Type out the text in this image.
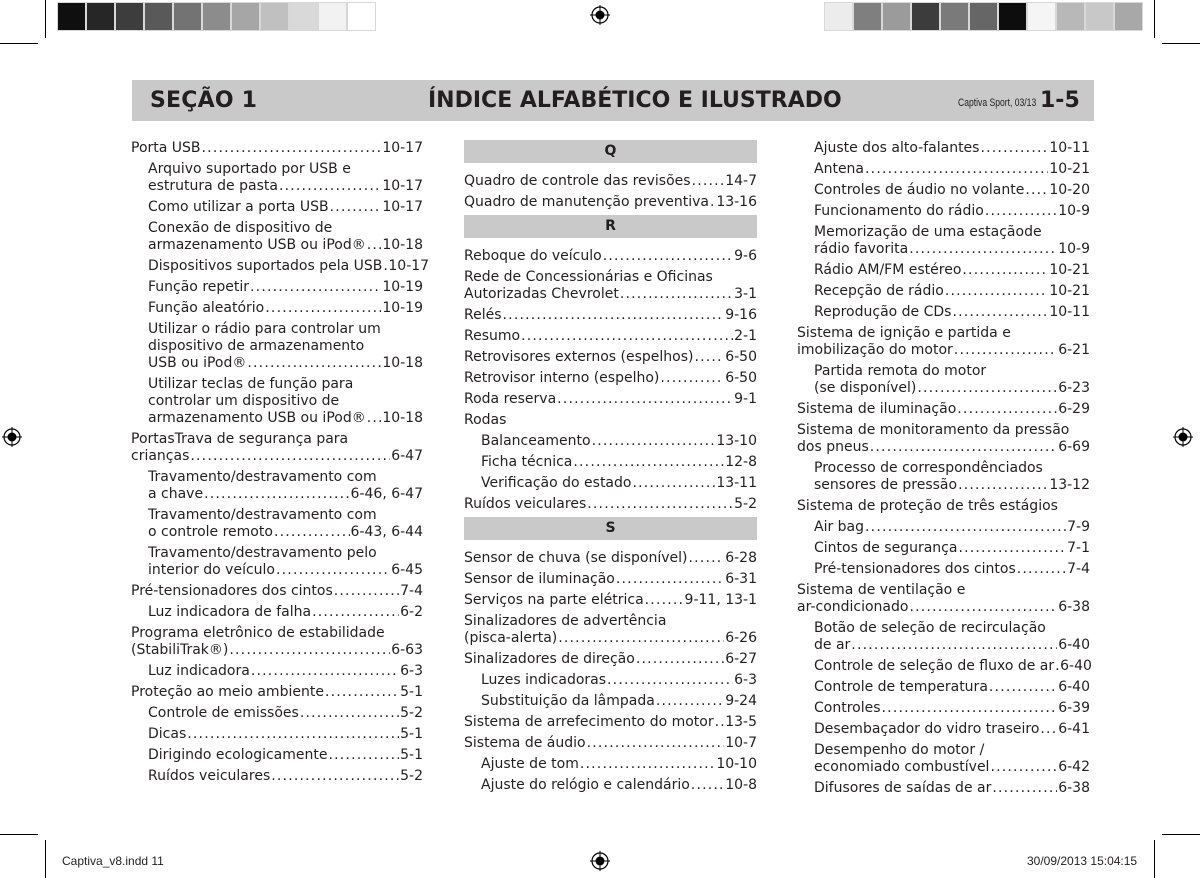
SEÇÃO 1	ÍNDICE ALFABÉTICO E ILUSTRADO	Captiva Sport, 03/13 1-5
Porta USB .....	10-17
Arquivo suportado por USB e
estrutura de pasta .....	10-17
Como utilizar a porta USB .....	10-17
Conexão de dispositivo de
armazenamento USB ou iPod® ..... 10-18
Dispositivos suportados pela USB ..... 10-17
Função repetir .....	10-19
Função aleatório .....	10-19
Utilizar o rádio para controlar um
dispositivo de armazenamento
USB ou iPod® .....	10-18
Utilizar teclas de função para
controlar um dispositivo de
armazenamento USB ou iPod® ..... 10-18
PortasTrava de segurança para
crianças .....	6-47
Travamento/destravamento com
a chave .....	6-46, 6-47
Travamento/destravamento com
o controle remoto .....	6-43, 6-44
Travamento/destravamento pelo
interior do veículo .....	6-45
Pré-tensionadores dos cintos .....	7-4
Luz indicadora de falha .....	6-2
Programa eletrônico de estabilidade
(StabiliTrak®) .....	6-63
Luz indicadora .....	6-3
Proteção ao meio ambiente .....	5-1
Controle de emissões .....	5-2
Dicas .....	5-1
Dirigindo ecologicamente .....	5-1
Ruídos veiculares .....	5-2
Q
Quadro de controle das revisões ..... 14-7
Quadro de manutenção preventiva ..... 13-16
R
Reboque do veículo .....	9-6
Rede de Concessionárias e Oficinas
Autorizadas Chevrolet .....	3-1
Relés .....	9-16
Resumo .....	2-1
Retrovisores externos (espelhos) ..... 6-50
Retrovisor interno (espelho) .....	6-50
Roda reserva .....	9-1
Rodas
Balanceamento .....	13-10
Ficha técnica .....	12-8
Verificação do estado .....	13-11
Ruídos veiculares .....	5-2
S
Sensor de chuva (se disponível) .....	6-28
Sensor de iluminação .....	6-31
Serviços na parte elétrica .....	9-11, 13-1
Sinalizadores de advertência
(pisca-alerta) .....	6-26
Sinalizadores de direção .....	6-27
Luzes indicadoras .....	6-3
Substituição da lâmpada .....	9-24
Sistema de arrefecimento do motor ..... 13-5
Sistema de áudio .....	10-7
Ajuste de tom .....	10-10
Ajuste do relógio e calendário .....	10-8
Ajuste dos alto-falantes .....	10-11
Antena .....	10-21
Controles de áudio no volante ..... 10-20
Funcionamento do rádio .....	10-9
Memorização de uma estaçãode
rádio favorita .....	10-9
Rádio AM/FM estéreo .....	10-21
Recepção de rádio .....	10-21
Reprodução de CDs .....	10-11
Sistema de ignição e partida e
imobilização do motor .....	6-21
Partida remota do motor
(se disponível) .....	6-23
Sistema de iluminação .....	6-29
Sistema de monitoramento da pressão
dos pneus .....	6-69
Processo de correspondênciados
sensores de pressão .....	13-12
Sistema de proteção de três estágios
Air bag .....	7-9
Cintos de segurança .....	7-1
Pré-tensionadores dos cintos .....	7-4
Sistema de ventilação e
ar-condicionado .....	6-38
Botão de seleção de recirculação
de ar .....	6-40
Controle de seleção de fluxo de ar ..... 6-40
Controle de temperatura .....	6-40
Controles .....	6-39
Desembaçador do vidro traseiro ..... 6-41
Desempenho do motor /
economiado combustível .....	6-42
Difusores de saídas de ar .....	6-38
Captiva_v8.indd 11	30/09/2013 15:04:15
